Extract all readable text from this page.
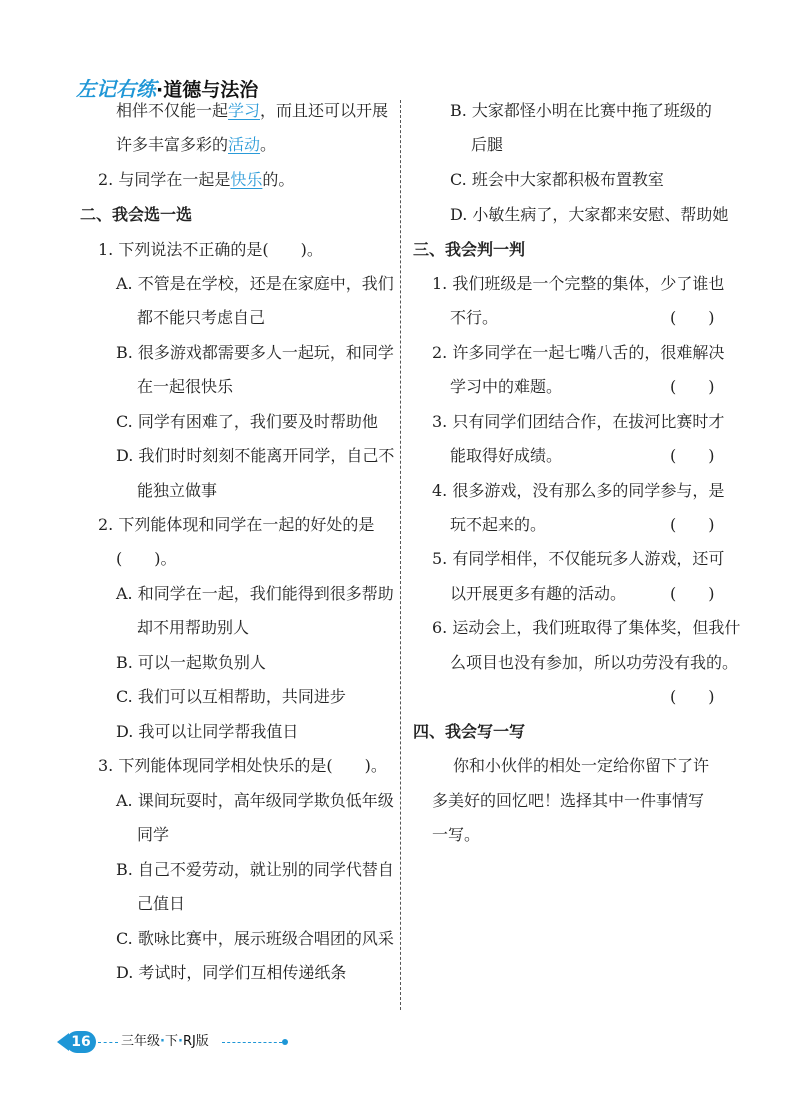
左记右练·道德与法治
相伴不仅能一起学习，而且还可以开展
许多丰富多彩的活动。
2. 与同学在一起是快乐的。
二、我会选一选
1. 下列说法不正确的是(　　)。
A. 不管是在学校，还是在家庭中，我们
都不能只考虑自己
B. 很多游戏都需要多人一起玩，和同学
在一起很快乐
C. 同学有困难了，我们要及时帮助他
D. 我们时时刻刻不能离开同学，自己不
能独立做事
2. 下列能体现和同学在一起的好处的是
(　　)。
A. 和同学在一起，我们能得到很多帮助
却不用帮助别人
B. 可以一起欺负别人
C. 我们可以互相帮助，共同进步
D. 我可以让同学帮我值日
3. 下列能体现同学相处快乐的是(　　)。
A. 课间玩耍时，高年级同学欺负低年级
同学
B. 自己不爱劳动，就让别的同学代替自
己值日
C. 歌咏比赛中，展示班级合唱团的风采
D. 考试时，同学们互相传递纸条
B. 大家都怪小明在比赛中拖了班级的
后腿
C. 班会中大家都积极布置教室
D. 小敏生病了，大家都来安慰、帮助她
三、我会判一判
1. 我们班级是一个完整的集体，少了谁也
不行。	(　　)
2. 许多同学在一起七嘴八舌的，很难解决
学习中的难题。	(　　)
3. 只有同学们团结合作，在拔河比赛时才
能取得好成绩。	(　　)
4. 很多游戏，没有那么多的同学参与，是
玩不起来的。	(　　)
5. 有同学相伴，不仅能玩多人游戏，还可
以开展更多有趣的活动。	(　　)
6. 运动会上，我们班取得了集体奖，但我什
么项目也没有参加，所以功劳没有我的。
(　　)
四、我会写一写
你和小伙伴的相处一定给你留下了许
多美好的回忆吧！选择其中一件事情写
一写。
16	三年级·下·RJ版
